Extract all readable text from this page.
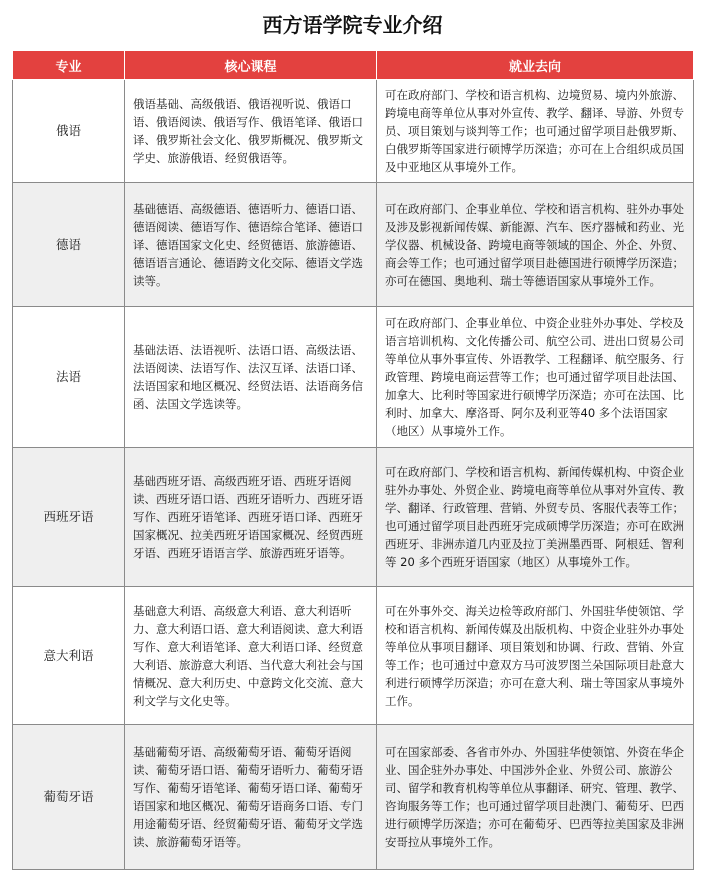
西方语学院专业介绍
专业	核心课程	就业去向
俄语	俄语基础、高级俄语、俄语视听说、俄语口语、俄语阅读、俄语写作、俄语笔译、俄语口译、俄罗斯社会文化、俄罗斯概况、俄罗斯文学史、旅游俄语、经贸俄语等。	可在政府部门、学校和语言机构、边境贸易、境内外旅游、跨境电商等单位从事对外宣传、教学、翻译、导游、外贸专员、项目策划与谈判等工作；也可通过留学项目赴俄罗斯、白俄罗斯等国家进行硕博学历深造；亦可在上合组织成员国及中亚地区从事境外工作。
德语	基础德语、高级德语、德语听力、德语口语、德语阅读、德语写作、德语综合笔译、德语口译、德语国家文化史、经贸德语、旅游德语、德语语言通论、德语跨文化交际、德语文学选读等。	可在政府部门、企事业单位、学校和语言机构、驻外办事处及涉及影视新闻传媒、新能源、汽车、医疗器械和药业、光学仪器、机械设备、跨境电商等领域的国企、外企、外贸、商会等工作；也可通过留学项目赴德国进行硕博学历深造；亦可在德国、奥地利、瑞士等德语国家从事境外工作。
法语	基础法语、法语视听、法语口语、高级法语、法语阅读、法语写作、法汉互译、法语口译、法语国家和地区概况、经贸法语、法语商务信函、法国文学选读等。	可在政府部门、企事业单位、中资企业驻外办事处、学校及语言培训机构、文化传播公司、航空公司、进出口贸易公司等单位从事外事宣传、外语教学、工程翻译、航空服务、行政管理、跨境电商运营等工作；也可通过留学项目赴法国、加拿大、比利时等国家进行硕博学历深造；亦可在法国、比利时、加拿大、摩洛哥、阿尔及利亚等40 多个法语国家（地区）从事境外工作。
西班牙语	基础西班牙语、高级西班牙语、西班牙语阅读、西班牙语口语、西班牙语听力、西班牙语写作、西班牙语笔译、西班牙语口译、西班牙国家概况、拉美西班牙语国家概况、经贸西班牙语、西班牙语语言学、旅游西班牙语等。	可在政府部门、学校和语言机构、新闻传媒机构、中资企业驻外办事处、外贸企业、跨境电商等单位从事对外宣传、教学、翻译、行政管理、营销、外贸专员、客服代表等工作；也可通过留学项目赴西班牙完成硕博学历深造；亦可在欧洲西班牙、非洲赤道几内亚及拉丁美洲墨西哥、阿根廷、智利等 20 多个西班牙语国家（地区）从事境外工作。
意大利语	基础意大利语、高级意大利语、意大利语听力、意大利语口语、意大利语阅读、意大利语写作、意大利语笔译、意大利语口译、经贸意大利语、旅游意大利语、当代意大利社会与国情概况、意大利历史、中意跨文化交流、意大利文学与文化史等。	可在外事外交、海关边检等政府部门、外国驻华使领馆、学校和语言机构、新闻传媒及出版机构、中资企业驻外办事处等单位从事项目翻译、项目策划和协调、行政、营销、外宣等工作；也可通过中意双方马可波罗图兰朵国际项目赴意大利进行硕博学历深造；亦可在意大利、瑞士等国家从事境外工作。
葡萄牙语	基础葡萄牙语、高级葡萄牙语、葡萄牙语阅读、葡萄牙语口语、葡萄牙语听力、葡萄牙语写作、葡萄牙语笔译、葡萄牙语口译、葡萄牙语国家和地区概况、葡萄牙语商务口语、专门用途葡萄牙语、经贸葡萄牙语、葡萄牙文学选读、旅游葡萄牙语等。	可在国家部委、各省市外办、外国驻华使领馆、外资在华企业、国企驻外办事处、中国涉外企业、外贸公司、旅游公司、留学和教育机构等单位从事翻译、研究、管理、教学、咨询服务等工作；也可通过留学项目赴澳门、葡萄牙、巴西进行硕博学历深造；亦可在葡萄牙、巴西等拉美国家及非洲安哥拉从事境外工作。
